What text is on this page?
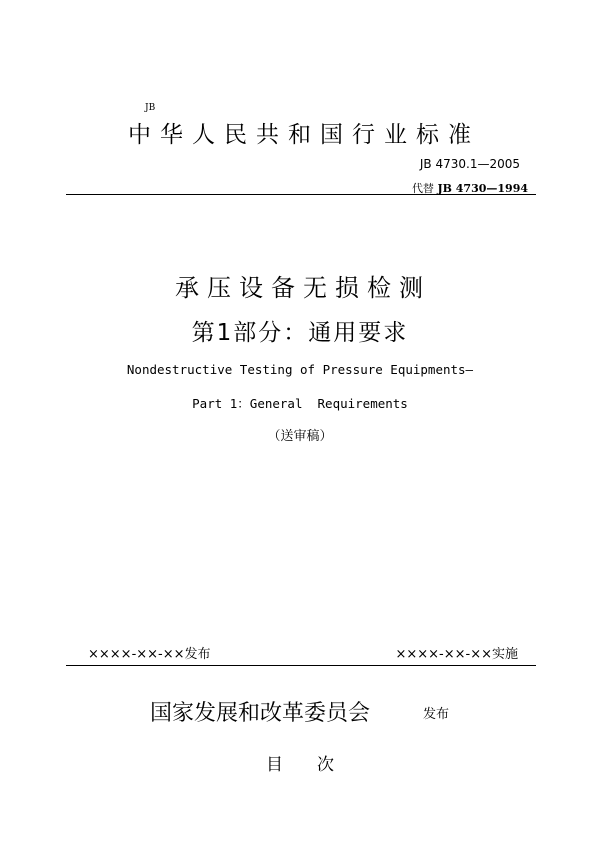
JB
中华人民共和国行业标准
JB 4730.1—2005
代替 JB 4730—1994
承压设备无损检测
第1部分：通用要求
Nondestructive Testing of Pressure Equipments—
Part 1：General  Requirements
（送审稿）
××××-××-××发布	××××-××-××实施
国家发展和改革委员会	发布
目次
